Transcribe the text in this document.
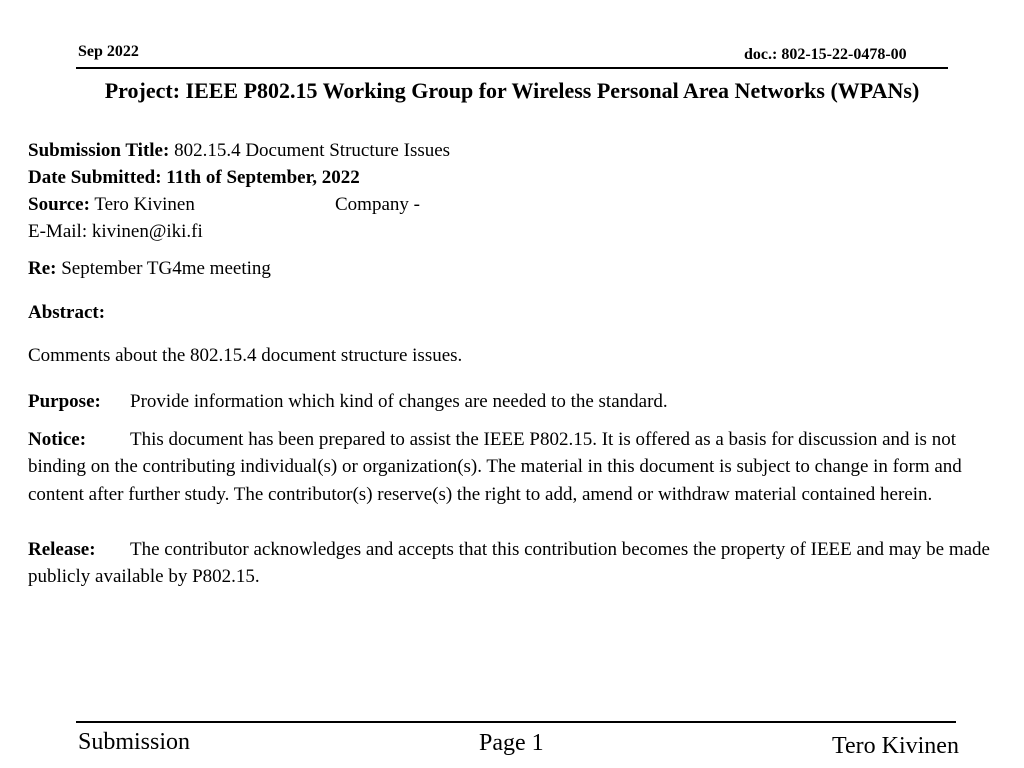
Sep 2022	doc.: 802-15-22-0478-00
Project: IEEE P802.15 Working Group for Wireless Personal Area Networks (WPANs)
Submission Title: 802.15.4 Document Structure Issues
Date Submitted: 11th of September, 2022
Source: Tero Kivinen	Company -
E-Mail: kivinen@iki.fi
Re: September TG4me meeting
Abstract:
Comments about the 802.15.4 document structure issues.
Purpose: Provide information which kind of changes are needed to the standard.
Notice: This document has been prepared to assist the IEEE P802.15. It is offered as a basis for discussion and is not binding on the contributing individual(s) or organization(s). The material in this document is subject to change in form and content after further study. The contributor(s) reserve(s) the right to add, amend or withdraw material contained herein.
Release: The contributor acknowledges and accepts that this contribution becomes the property of IEEE and may be made publicly available by P802.15.
Submission	Page 1	Tero Kivinen
